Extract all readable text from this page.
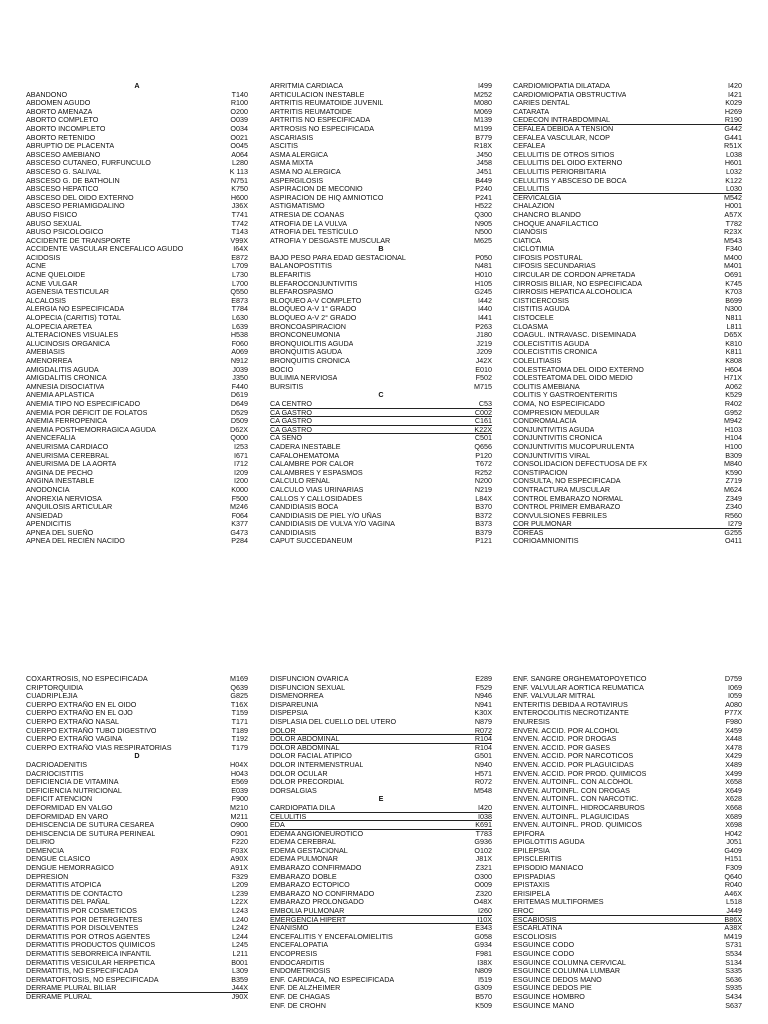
A
ABANDONO	T140
ABDOMEN AGUDO	R100
ABORTO AMENAZA	O200
ABORTO COMPLETO	O039
ABORTO INCOMPLETO	O034
ABORTO RETENIDO	O021
ABRUPTIO DE PLACENTA	O045
ABSCESO AMEBIANO	A064
ABSCESO CUTANEO, FURFUNCULO	L280
ABSCESO G. SALIVAL	K 113
ABSCESO G. DE BATHOLIN	N751
ABSCESO HEPATICO	K750
ABSCESO DEL OIDO EXTERNO	H600
ABSCESO PERIAMIGDALINO	J36X
ABUSO FISICO	T741
ABUSO SEXUAL	T742
ABUSO PSICOLOGICO	T143
ACCIDENTE DE TRANSPORTE	V99X
ACCIDENTE VASCULAR ENCEFALICO AGUDO	I64X
ACIDOSIS	E872
ACNE	L709
ACNE QUELOIDE	L730
ACNE VULGAR	L700
AGENESIA TESTICULAR	Q550
ALCALOSIS	E873
ALERGIA NO ESPECIFICADA	T784
ALOPECIA (CARITIS) TOTAL	L630
ALOPECIA ARETEA	L639
ALTERACIONES VISUALES	H538
ALUCINOSIS ORGANICA	F060
AMEBIASIS	A069
AMENORREA	N912
AMIGDALITIS AGUDA	J039
AMIGDALITIS CRONICA	J350
AMNESIA DISOCIATIVA	F440
ANEMIA APLASTICA	D619
ANEMIA TIPO NO ESPECIFICADO	D649
ANEMIA POR DÉFICIT DE FOLATOS	D529
ANEMIA FERROPENICA	D509
ANEMIA POSTHEMORRAGICA AGUDA	D62X
ANENCEFALIA	Q000
ANEURISMA CARDIACO	I253
ANEURISMA CEREBRAL	I671
ANEURISMA DE LA AORTA	I712
ANGINA DE PECHO	I209
ANGINA INESTABLE	I200
ANODONCIA	K000
ANOREXIA NERVIOSA	F500
ANQUILOSIS ARTICULAR	M246
ANSIEDAD	F064
APENDICITIS	K377
APNEA DEL SUEÑO	G473
APNEA DEL RECIÉN NACIDO	P284
ARRITMIA CARDIACA	I499
ARTICULACION INESTABLE	M252
ARTRITIS REUMATOIDE JUVENIL	M080
ARTRITIS REUMATOIDE	M069
ARTRITIS NO ESPECIFICADA	M139
ARTROSIS NO ESPECIFICADA	M199
ASCARIASIS	B779
ASCITIS	R18X
ASMA ALERGICA	J450
ASMA MIXTA	J458
ASMA NO ALERGICA	J451
ASPERGILOSIS	B449
ASPIRACION DE MECONIO	P240
ASPIRACION DE HIQ AMNIOTICO	P241
ASTIGMATISMO	H522
ATRESIA DE COANAS	Q300
ATROFIA DE LA VULVA	N905
ATROFIA DEL TESTÍCULO	N500
ATROFIA Y DESGASTE MUSCULAR	M625
B
BAJO PESO PARA EDAD GESTACIONAL	P050
BALANOPOSTITIS	N481
BLEFARITIS	H010
BLEFAROCONJUNTIVITIS	H105
BLEFAROSPASMO	G245
BLOQUEO A-V COMPLETO	I442
BLOQUEO A-V 1° GRADO	I440
BLOQUEO A-V 2° GRADO	I441
BRONCOASPIRACION	P263
BRONCONEUMONIA	J180
BRONQUIOLITIS AGUDA	J219
BRONQUITIS AGUDA	J209
BRONQUITIS CRONICA	J42X
BOCIO	E010
BULIMIA NERVIOSA	F502
BURSITIS	M715
C
CA CENTRO	C53
CA GASTRO	C002
CA GASTRO	C161
CA GASTRO	K22X
CA SENO	C501
CADERA INESTABLE	Q656
CAFALOHEMATOMA	P120
CALAMBRE POR CALOR	T672
CALAMBRES Y ESPASMOS	R252
CALCULO RENAL	N200
CALCULO VIAS URINARIAS	N219
CALLOS Y CALLOSIDADES	L84X
CANDIDIASIS BOCA	B370
CANDIDIASIS DE PIEL Y/O UÑAS	B372
CANDIDIASIS DE VULVA Y/O VAGINA	B373
CANDIDIASIS	B379
CAPUT SUCCEDANEUM	P121
CARDIOMIOPATIA DILATADA	I420
CARDIOMIOPATIA OBSTRUCTIVA	I421
CARIES DENTAL	K029
CATARATA	H269
CEDECON INTRABDOMINAL	R190
CEFALEA DEBIDA A TENSION	G442
CEFALEA VASCULAR, NCOP	G441
CEFALEA	R51X
CELULITIS DE OTROS SITIOS	L038
CELULITIS DEL OIDO EXTERNO	H601
CELULITIS PERIORBITARIA	L032
CELULITIS Y ABSCESO DE BOCA	K122
CELULITIS	L030
CERVICALGIA	M542
CHALAZION	H001
CHANCRO BLANDO	A57X
CHOQUE ANAFILACTICO	T782
CIANOSIS	R23X
CIATICA	M543
CICLOTIMIA	F340
CIFOSIS POSTURAL	M400
CIFOSIS SECUNDARIAS	M401
CIRCULAR DE CORDON APRETADA	O691
CIRROSIS BILIAR, NO ESPECIFICADA	K745
CIRROSIS HEPATICA ALCOHOLICA	K703
CISTICERCOSIS	B699
CISTITIS AGUDA	N300
CISTOCELE	N811
CLOASMA	L811
COAGUL. INTRAVASC. DISEMINADA	D65X
COLECISTITIS AGUDA	K810
COLECISTITIS CRONICA	K811
COLELITIASIS	K808
COLESTEATOMA DEL OIDO EXTERNO	H604
COLESTEATOMA DEL OIDO MEDIO	H71X
COLITIS AMEBIANA	A062
COLITIS Y GASTROENTERITIS	K529
COMA, NO ESPECIFICADO	R402
COMPRESION MEDULAR	G952
CONDROMALACIA	M942
CONJUNTIVITIS AGUDA	H103
CONJUNTIVITIS CRONICA	H104
CONJUNTIVITIS MUCOPURULENTA	H100
CONJUNTIVITIS VIRAL	B309
CONSOLIDACION DEFECTUOSA DE FX	M840
CONSTIPACION	K590
CONSULTA, NO ESPECIFICADA	Z719
CONTRACTURA MUSCULAR	M624
CONTROL EMBARAZO NORMAL	Z349
CONTROL PRIMER EMBARAZO	Z340
CONVULSIONES FEBRILES	R560
COR PULMONAR	I279
COREAS	G255
CORIOAMNIONITIS	O411
COXARTROSIS, NO ESPECIFICADA	M169
CRIPTORQUIDIA	Q639
CUADRIPLEJIA	G825
CUERPO EXTRAÑO EN EL OIDO	T16X
CUERPO EXTRAÑO EN EL OJO	T159
CUERPO EXTRAÑO NASAL	T171
CUERPO EXTRAÑO TUBO DIGESTIVO	T189
CUERPO EXTRAÑO VAGINA	T192
CUERPO EXTRAÑO VIAS RESPIRATORIAS	T179
D
DACRIOADENITIS	H04X
DACRIOCISTITIS	H043
DEFICIENCIA DE VITAMINA	E569
DEFICIENCIA NUTRICIONAL	E039
DEFICIT ATENCION	F900
DEFORMIDAD EN VALGO	M210
DEFORMIDAD EN VARO	M211
DEHISCENCIA DE SUTURA CESAREA	O900
DEHISCENCIA DE SUTURA PERINEAL	O901
DELIRIO	F220
DEMENCIA	F03X
DENGUE CLASICO	A90X
DENGUE HEMORRAGICO	A91X
DEPRESION	F329
DERMATITIS ATOPICA	L209
DERMATITIS DE CONTACTO	L239
DERMATITIS DEL PAÑAL	L22X
DERMATITIS POR COSMETICOS	L243
DERMATITIS POR DETERGENTES	L240
DERMATITIS POR DISOLVENTES	L242
DERMATITIS POR OTROS AGENTES	L244
DERMATITIS PRODUCTOS QUIMICOS	L245
DERMATITIS SEBORREICA INFANTIL	L211
DERMATITIS VESICULAR HERPETICA	B001
DERMATITIS, NO ESPECIFICADA	L309
DERMATOFITOSIS, NO ESPECIFICADA	B359
DERRAME PLURAL BILIAR	J44X
DERRAME PLURAL	J90X
DISFUNCION OVARICA	E289
DISFUNCION SEXUAL	F529
DISMENORREA	N946
DISPAREUNIA	N941
DISPEPSIA	K30X
DISPLASIA DEL CUELLO DEL UTERO	N879
DOLOR	R072
DOLOR ABDOMINAL	R104
DOLOR ABDOMINAL	R104
DOLOR FACIAL ATIPICO	G501
DOLOR INTERMENSTRUAL	N940
DOLOR OCULAR	H571
DOLOR PRECORDIAL	R072
DORSALGIAS	M548
E
CARDIOPATIA DILA	I420
CELULITIS	I038
EDA	K691
EDEMA ANGIONEUROTICO	T783
EDEMA CEREBRAL	G936
EDEMA GESTACIONAL	O102
EDEMA PULMONAR	J81X
EMBARAZO CONFIRMADO	Z321
EMBARAZO DOBLE	O300
EMBARAZO ECTOPICO	O009
EMBARAZO NO CONFIRMADO	Z320
EMBARAZO PROLONGADO	O48X
EMBOLIA PULMONAR	I260
EMERGENCIA HIPERT	I10X
ENANISMO	E343
ENCEFALITIS Y ENCEFALOMIELITIS	G058
ENCEFALOPATIA	G934
ENCOPRESIS	F981
ENDOCARDITIS	I38X
ENDOMETRIOSIS	N809
ENF. CARDIACA, NO ESPECIFICADA	I519
ENF. DE ALZHEIMER	G309
ENF. DE CHAGAS	B570
ENF. DE CROHN	K509
ENF. SANGRE ORGHEMATOPOYETICO	D759
ENF. VALVULAR AORTICA REUMATICA	I069
ENF. VALVULAR MITRAL	I059
ENTERITIS DEBIDA A ROTAVIRUS	A080
ENTEROCOLITIS NECROTIZANTE	P77X
ENURESIS	F980
ENVEN. ACCID. POR ALCOHOL	X459
ENVEN. ACCID. POR DROGAS	X448
ENVEN. ACCID. POR GASES	X478
ENVEN. ACCID. POR NARCOTICOS	X429
ENVEN. ACCID. POR PLAGUICIDAS	X489
ENVEN. ACCID. POR PROD. QUIMICOS	X499
ENVEN. AUTOINFL. CON ALCOHOL	X658
ENVEN. AUTOINFL. CON DROGAS	X649
ENVEN. AUTOINFL. CON NARCOTIC.	X628
ENVEN. AUTOINFL. HIDROCARBUROS	X668
ENVEN. AUTOINFL. PLAGUICIDAS	X689
ENVEN. AUTOINFL. PROD. QUIMICOS	X698
EPIFORA	H042
EPIGLOTITIS AGUDA	J051
EPILEPSIA	G409
EPISCLERITIS	H151
EPISODIO MANIACO	F309
EPISPADIAS	Q640
EPISTAXIS	R040
ERISIPELA	A46X
ERITEMAS MULTIFORMES	L518
EROC	J449
ESCABIOSIS	B86X
ESCARLATINA	A38X
ESCOLIOSIS	M419
ESGUINCE CODO	S731
ESGUINCE CODO	S534
ESGUINCE COLUMNA CERVICAL	S134
ESGUINCE COLUMNA LUMBAR	S335
ESGUINCE DEDOS MANO	S636
ESGUINCE DEDOS PIE	S935
ESGUINCE HOMBRO	S434
ESGUINCE MANO	S637
